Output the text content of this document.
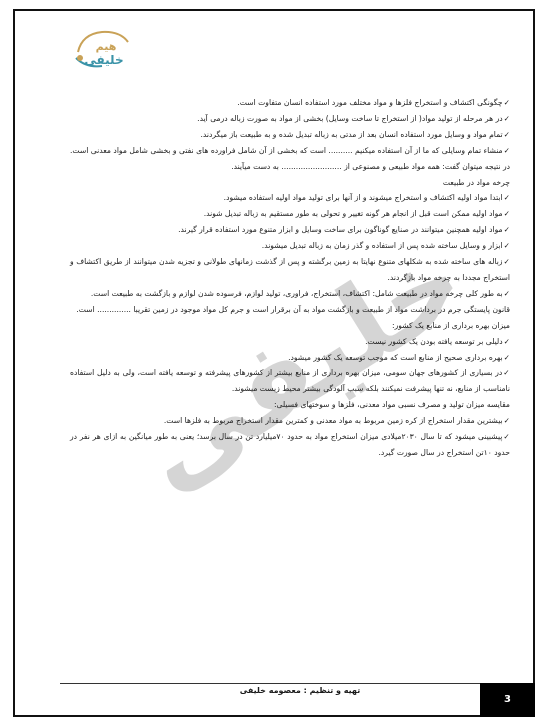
هیم
خلیفی
خلیفی

✓چگونگی اکتشاف و استخراج فلزها و مواد مختلف مورد استفاده انسان متفاوت است.

✓در هر مرحله از تولید مواد( از استخراج تا ساخت وسایل) بخشی از مواد به صورت زباله درمی آید.

✓تمام مواد و وسایل مورد استفاده انسان بعد از مدتی به زباله تبدیل شده و به طبیعت باز میگردند.

✓منشاء تمام وسایلی که ما از آن استفاده میکنیم .......... است که بخشی از آن شامل فراورده های نفتی و بخشی شامل مواد معدنی است. در نتیجه میتوان گفت: همه مواد طبیعی و مصنوعی از ......................... به دست میآیند.

چرخه مواد در طبیعت

✓ابتدا مواد اولیه اکتشاف و استخراج میشوند و از آنها برای تولید مواد اولیه استفاده میشود.

✓مواد اولیه ممکن است قبل از انجام هر گونه تغییر و تحولی به طور مستقیم به زباله تبدیل شوند.

✓مواد اولیه همچنین میتوانند در صنایع گوناگون برای ساخت وسایل و ابزار متنوع مورد استفاده قرار گیرند.

✓ابزار و وسایل ساخته شده پس از استفاده و گذر زمان به زباله تبدیل میشوند.

✓زباله های ساخته شده به شکلهای متنوع نهایتا به زمین برگشته و پس از گذشت زمانهای طولانی و تجزیه شدن میتوانند از طریق اکتشاف و استخراج مجددا به چرخه مواد بازگردند.

✓به طور کلی چرخه مواد در طبیعت شامل: اکتشاف، استخراج، فراوری، تولید لوازم، فرسوده شدن لوازم و بازگشت به طبیعت است.

قانون پایستگی جرم در برداشت مواد از طبیعت و بازگشت مواد به آن برقرار است و جرم کل مواد موجود در زمین تقریبا .............. است.

میزان بهره برداری از منابع یک کشور:

✓دلیلی بر توسعه یافته بودن یک کشور نیست.

✓بهره برداری صحیح از منابع است که موجب توسعه یک کشور میشود.

✓در بسیاری از کشورهای جهان سومی، میزان بهره برداری از منابع بیشتر از کشورهای پیشرفته و توسعه یافته است، ولی به دلیل استفاده نامناسب از منابع، نه تنها پیشرفت نمیکنند بلکه سبب آلودگی بیشتر محیط زیست میشوند.

مقایسه میزان تولید و مصرف نسبی مواد معدنی، فلزها و سوختهای فسیلی:

✓بیشترین مقدار استخراج از کره زمین مربوط به مواد معدنی و کمترین مقدار استخراج مربوط به فلزها است.

✓پیشبینی میشود که تا سال ۲۰۳۰میلادی میزان استخراج مواد به حدود ۷۰میلیارد تن در سال برسد؛ یعنی به طور میانگین به ازای هر نفر در حدود ۱۰تن استخراج در سال صورت گیرد.

تهیه و تنظیم : معصومه خلیفی
3
